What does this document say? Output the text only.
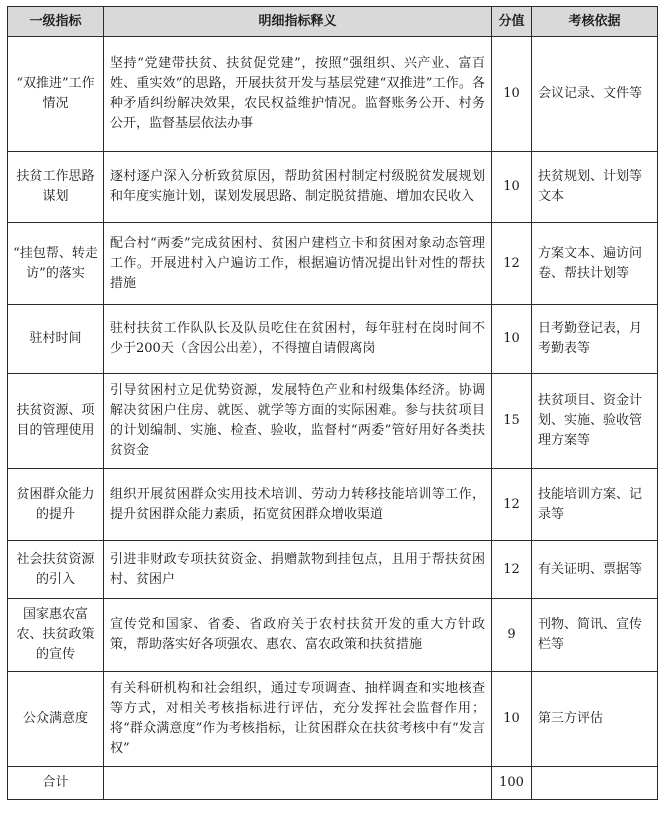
一级指标	明细指标释义	分值	考核依据
“双推进”工作情况	坚持“党建带扶贫、扶贫促党建”，按照“强组织、兴产业、富百姓、重实效”的思路，开展扶贫开发与基层党建“双推进”工作。各种矛盾纠纷解决效果，农民权益维护情况。监督账务公开、村务公开，监督基层依法办事	10	会议记录、文件等
扶贫工作思路谋划	逐村逐户深入分析致贫原因，帮助贫困村制定村级脱贫发展规划和年度实施计划，谋划发展思路、制定脱贫措施、增加农民收入	10	扶贫规划、计划等文本
“挂包帮、转走访”的落实	配合村“两委”完成贫困村、贫困户建档立卡和贫困对象动态管理工作。开展进村入户遍访工作，根据遍访情况提出针对性的帮扶措施	12	方案文本、遍访问卷、帮扶计划等
驻村时间	驻村扶贫工作队队长及队员吃住在贫困村，每年驻村在岗时间不少于200天（含因公出差），不得擅自请假离岗	10	日考勤登记表，月考勤表等
扶贫资源、项目的管理使用	引导贫困村立足优势资源，发展特色产业和村级集体经济。协调解决贫困户住房、就医、就学等方面的实际困难。参与扶贫项目的计划编制、实施、检查、验收，监督村“两委”管好用好各类扶贫资金	15	扶贫项目、资金计划、实施、验收管理方案等
贫困群众能力的提升	组织开展贫困群众实用技术培训、劳动力转移技能培训等工作，提升贫困群众能力素质，拓宽贫困群众增收渠道	12	技能培训方案、记录等
社会扶贫资源的引入	引进非财政专项扶贫资金、捐赠款物到挂包点，且用于帮扶贫困村、贫困户	12	有关证明、票据等
国家惠农富农、扶贫政策的宣传	宣传党和国家、省委、省政府关于农村扶贫开发的重大方针政策，帮助落实好各项强农、惠农、富农政策和扶贫措施	9	刊物、简讯、宣传栏等
公众满意度	有关科研机构和社会组织，通过专项调查、抽样调查和实地核查等方式，对相关考核指标进行评估，充分发挥社会监督作用；将“群众满意度”作为考核指标，让贫困群众在扶贫考核中有“发言权”	10	第三方评估
合计		100	
